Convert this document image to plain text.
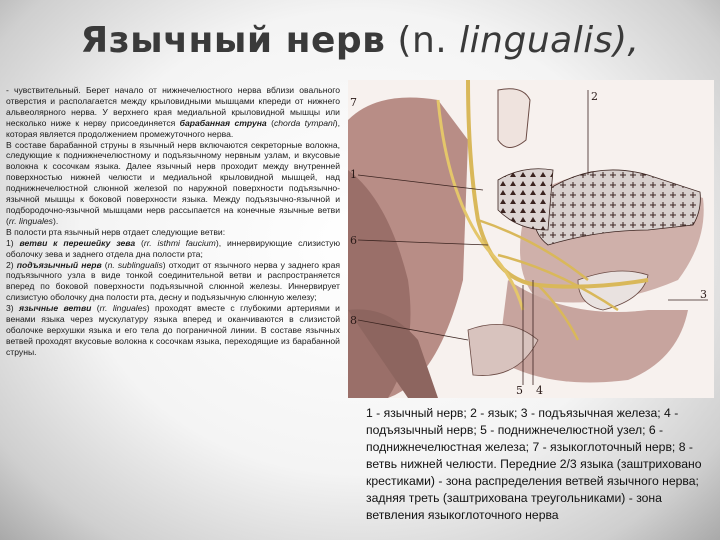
Язычный нерв (n. lingualis),

- чувствительный. Берет начало от нижнечелюстного нерва вблизи овального отверстия и располагается между крыловидными мышцами кпереди от нижнего альвеолярного нерва. У верхнего края медиальной крыловидной мышцы или несколько ниже к нерву присоединяется барабанная струна (chorda tympani), которая является продолжением промежуточного нерва.

В составе барабанной струны в язычный нерв включаются секреторные волокна, следующие к поднижнечелюстному и подъязычному нервным узлам, и вкусовые волокна к сосочкам языка. Далее язычный нерв проходит между внутренней поверхностью нижней челюсти и медиальной крыловидной мышцей, над поднижнечелюстной слюнной железой по наружной поверхности подъязычно-язычной мышцы к боковой поверхности языка. Между подъязычно-язычной и подбородочно-язычной мышцами нерв рассыпается на конечные язычные ветви (rr. linguales).

В полости рта язычный нерв отдает следующие ветви:

1) ветви к перешейку зева (rr. isthmi faucium), иннервирующие слизистую оболочку зева и заднего отдела дна полости рта;

2) подъязычный нерв (n. sublingualis) отходит от язычного нерва у заднего края подъязычного узла в виде тонкой соединительной ветви и распространяется вперед по боковой поверхности подъязычной слюнной железы. Иннервирует слизистую оболочку дна полости рта, десну и подъязычную слюнную железу;

3) язычные ветви (rr. linguales) проходят вместе с глубокими артериями и венами языка через мускулатуру языка вперед и оканчиваются в слизистой оболочке верхушки языка и его тела до пограничной линии. В составе язычных ветвей проходят вкусовые волокна к сосочкам языка, переходящие из барабанной струны.

1
2
3
4
5
6
7
8
1 - язычный нерв; 2 - язык; 3 - подъязычная железа; 4 - подъязычный нерв; 5 - поднижнечелюстной узел; 6 - поднижнечелюстная железа; 7 - языкоглоточный нерв; 8 - ветвь нижней челюсти. Передние 2/3 языка (заштриховано крестиками) - зона распределения ветвей язычного нерва; задняя треть (заштрихована треугольниками) - зона ветвления языкоглоточного нерва
